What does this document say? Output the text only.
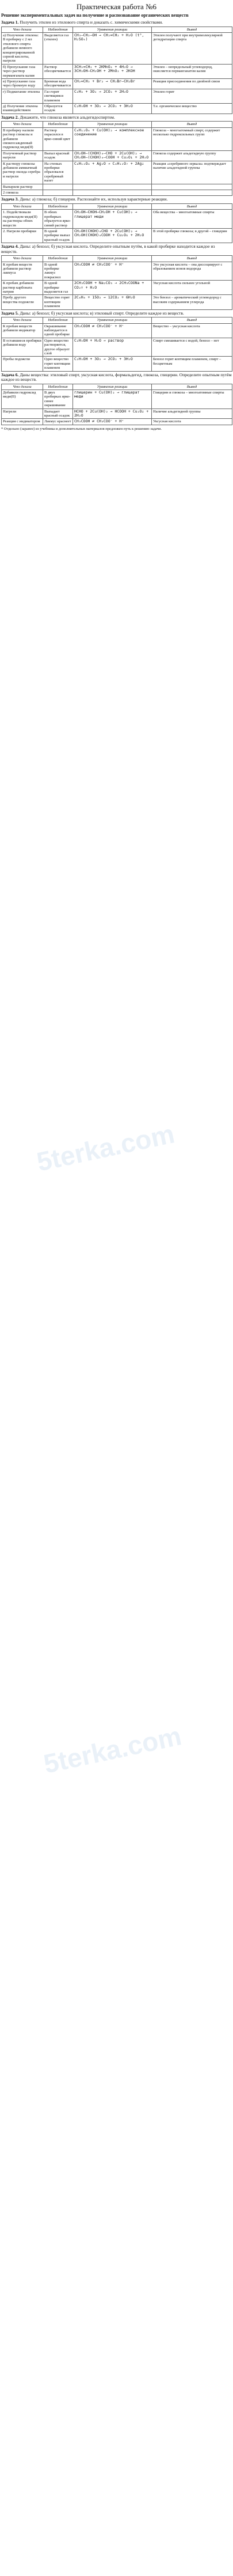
5terka.com
5terka.com
Практическая работа №6
Решение экспериментальных задач на получение и распознавание органических веществ
Задача 1. Получить этилен из этилового спирта и доказать с. химическими свойствами.
Что делали	Наблюдения	Уравнения реакции	Вывод
а) Получение этилена: В пробирку с 2 мл этилового спирта добавили немного концентрированной серной кислоты, нагрели	Выделяется газ (этилен)	CH₃–CH₂–OH → CH₂=CH₂ + H₂O (t°, H₂SO₄)	Этилен получают при внутримолекулярной дегидратации спирта
б) Пропускание газа через раствор перманганата калия	Раствор обесцвечивается	3CH₂=CH₂ + 2KMnO₄ + 4H₂O → 3CH₂OH–CH₂OH + 2MnO₂ + 2KOH	Этилен – непредельный углеводород, окисляется перманганатом калия
в) Пропускание газа через бромную воду	Бромная вода обесцвечивается	CH₂=CH₂ + Br₂ → CH₂Br–CH₂Br	Реакция присоединения по двойной связи
г) Поджигание этилена	Газ горит светящимся пламенем	C₂H₄ + 3O₂ → 2CO₂ + 2H₂O	Этилен горит
д) Получение этилена взаимодействием	Образуется осадок	C₂H₅OH + 3O₂ → 2CO₂ + 3H₂O	Т.е. органическое вещество
Задача 2. Докажите, что глюкоза является альдегидоспиртом.
Что делали	Наблюдения	Уравнения реакции	Вывод
В пробирку налили раствор глюкозы и добавили свежеосажденный гидроксид меди(II)	Раствор окрасился в ярко-синий цвет	C₆H₁₂O₆ + Cu(OH)₂ → комплексное соединение	Глюкоза – многоатомный спирт, содержит несколько гидроксильных групп
Полученный раствор нагрели	Выпал красный осадок	CH₂OH–(CHOH)₄–CHO + 2Cu(OH)₂ → CH₂OH–(CHOH)₄–COOH + Cu₂O↓ + 2H₂O	Глюкоза содержит альдегидную группу
К раствору глюкозы добавили аммиачный раствор оксида серебра и нагрели	На стенках пробирки образовался серебряный налет	C₆H₁₂O₆ + Ag₂O → C₆H₁₂O₇ + 2Ag↓	Реакция «серебряного зеркала» подтверждает наличие альдегидной группы
Выпарили раствор			
2 глюкоза			
Задача 3. Даны: а) глюкоза; б) глицерин. Распознайте их, используя характерные реакции.
Что делали	Наблюдения	Уравнения реакции	Вывод
1. Подействовали гидроксидом меди(II) на растворы обоих веществ	В обеих пробирках образуется ярко-синий раствор	CH₂OH–CHOH–CH₂OH + Cu(OH)₂ → глицерат меди	Оба вещества – многоатомные спирты
2. Нагрели пробирки	В одной пробирке выпал красный осадок	CH₂OH(CHOH)₄CHO + 2Cu(OH)₂ → CH₂OH(CHOH)₄COOH + Cu₂O↓ + 2H₂O	В этой пробирке глюкоза; в другой – глицерин
Задача 4. Даны: а) бензол; б) уксусная кислота. Определите опытным путём, в какой пробирке находится каждое из веществ.
Что делали	Наблюдения	Уравнения реакции	Вывод
К пробам веществ добавили раствор лакмуса	В одной пробирке лакмус покраснел	CH₃COOH ⇄ CH₃COO⁻ + H⁺	Это уксусная кислота – она диссоциирует с образованием ионов водорода
К пробам добавили раствор карбоната натрия	В одной пробирке выделяется газ	2CH₃COOH + Na₂CO₃ → 2CH₃COONa + CO₂↑ + H₂O	Уксусная кислота сильнее угольной
Пробу другого вещества подожгли	Вещество горит коптящим пламенем	2C₆H₆ + 15O₂ → 12CO₂ + 6H₂O	Это бензол – ароматический углеводород с высоким содержанием углерода
Задача 5. Даны: а) бензол; б) уксусная кислота; в) этиловый спирт. Определите каждое из веществ.
Что делали	Наблюдения	Уравнения реакции	Вывод
К пробам веществ добавили индикатор	Окрашивание наблюдается в одной пробирке	CH₃COOH ⇄ CH₃COO⁻ + H⁺	Вещество – уксусная кислота
В оставшиеся пробирки добавили воду	Одно вещество растворяется, другое образует слой	C₂H₅OH + H₂O → раствор	Спирт смешивается с водой, бензол – нет
Пробы подожгли	Одно вещество горит коптящим пламенем	C₂H₅OH + 3O₂ → 2CO₂ + 3H₂O	Бензол горит коптящим пламенем, спирт – бесцветным
Задача 6. Даны вещества: этиловый спирт, уксусная кислота, формальдегид, глюкоза, глицерин. Определите опытным путём каждое из веществ.
Что делали	Наблюдения	Уравнения реакции	Вывод
Добавили гидроксид меди(II)	В двух пробирках ярко-синее окрашивание	глицерин + Cu(OH)₂ → глицерат меди	Глицерин и глюкоза – многоатомные спирты
Нагрели	Выпадает красный осадок	HCHO + 2Cu(OH)₂ → HCOOH + Cu₂O↓ + 2H₂O	Наличие альдегидной группы
Реакция с индикатором	Лакмус краснеет	CH₃COOH ⇄ CH₃COO⁻ + H⁺	Уксусная кислота
* Отдельно (заранее) из учебника и дополнительных материалов предложен путь к решению задачи.
